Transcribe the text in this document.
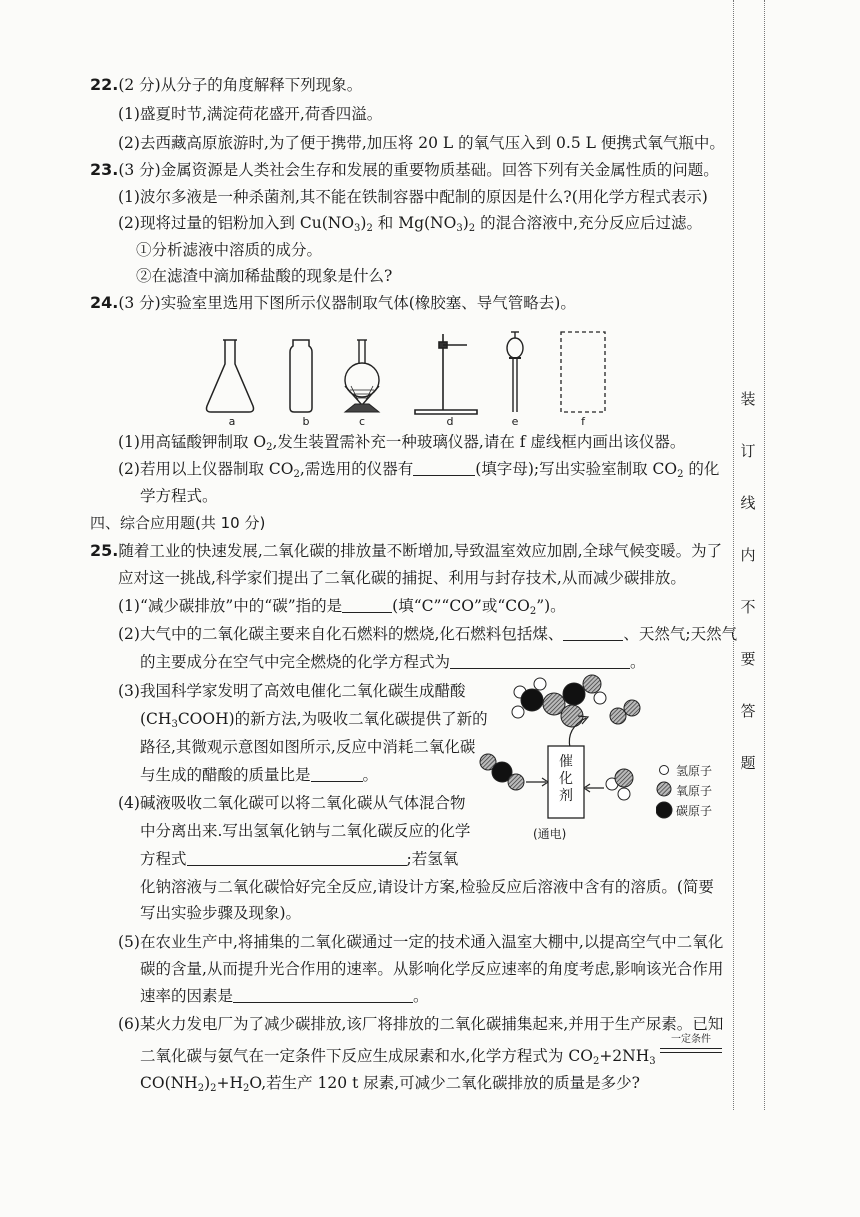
装
订
线
内
不
要
答
题
22.(2 分)从分子的角度解释下列现象。
(1)盛夏时节,满淀荷花盛开,荷香四溢。
(2)去西藏高原旅游时,为了便于携带,加压将 20 L 的氧气压入到 0.5 L 便携式氧气瓶中。
23.(3 分)金属资源是人类社会生存和发展的重要物质基础。回答下列有关金属性质的问题。
(1)波尔多液是一种杀菌剂,其不能在铁制容器中配制的原因是什么?(用化学方程式表示)
(2)现将过量的铝粉加入到 $Cu(NO_3)_2$ 和 $Mg(NO_3)_2$ 的混合溶液中,充分反应后过滤。
①分析滤液中溶质的成分。
②在滤渣中滴加稀盐酸的现象是什么?
24.(3 分)实验室里选用下图所示仪器制取气体(橡胶塞、导气管略去)。
a	b	c	d	e	f
(1)用高锰酸钾制取 $O_2$,发生装置需补充一种玻璃仪器,请在 f 虚线框内画出该仪器。
(2)若用以上仪器制取 $CO_2$,需选用的仪器有	(填字母);写出实验室制取 $CO_2$ 的化
学方程式。
四、综合应用题(共 10 分)
25.随着工业的快速发展,二氧化碳的排放量不断增加,导致温室效应加剧,全球气候变暖。为了
应对这一挑战,科学家们提出了二氧化碳的捕捉、利用与封存技术,从而减少碳排放。
(1)“减少碳排放”中的“碳”指的是	(填“C”“CO”或“$CO_2$”)。
(2)大气中的二氧化碳主要来自化石燃料的燃烧,化石燃料包括煤、	、天然气;天然气
的主要成分在空气中完全燃烧的化学方程式为	。
(3)我国科学家发明了高效电催化二氧化碳生成醋酸
$(CH_3COOH)$的新方法,为吸收二氧化碳提供了新的
路径,其微观示意图如图所示,反应中消耗二氧化碳
与生成的醋酸的质量比是	。
(4)碱液吸收二氧化碳可以将二氧化碳从气体混合物
中分离出来.写出氢氧化钠与二氧化碳反应的化学
方程式	;若氢氧
化钠溶液与二氧化碳恰好完全反应,请设计方案,检验反应后溶液中含有的溶质。(简要
写出实验步骤及现象)。
催
化
剂
(通电)
氢原子
氧原子
碳原子
(5)在农业生产中,将捕集的二氧化碳通过一定的技术通入温室大棚中,以提高空气中二氧化
碳的含量,从而提升光合作用的速率。从影响化学反应速率的角度考虑,影响该光合作用
速率的因素是	。
(6)某火力发电厂为了减少碳排放,该厂将排放的二氧化碳捕集起来,并用于生产尿素。已知
二氧化碳与氨气在一定条件下反应生成尿素和水,化学方程式为 $CO_2+2NH_3$
一定条件
$CO(NH_2)_2+H_2O$,若生产 120 t 尿素,可减少二氧化碳排放的质量是多少?
